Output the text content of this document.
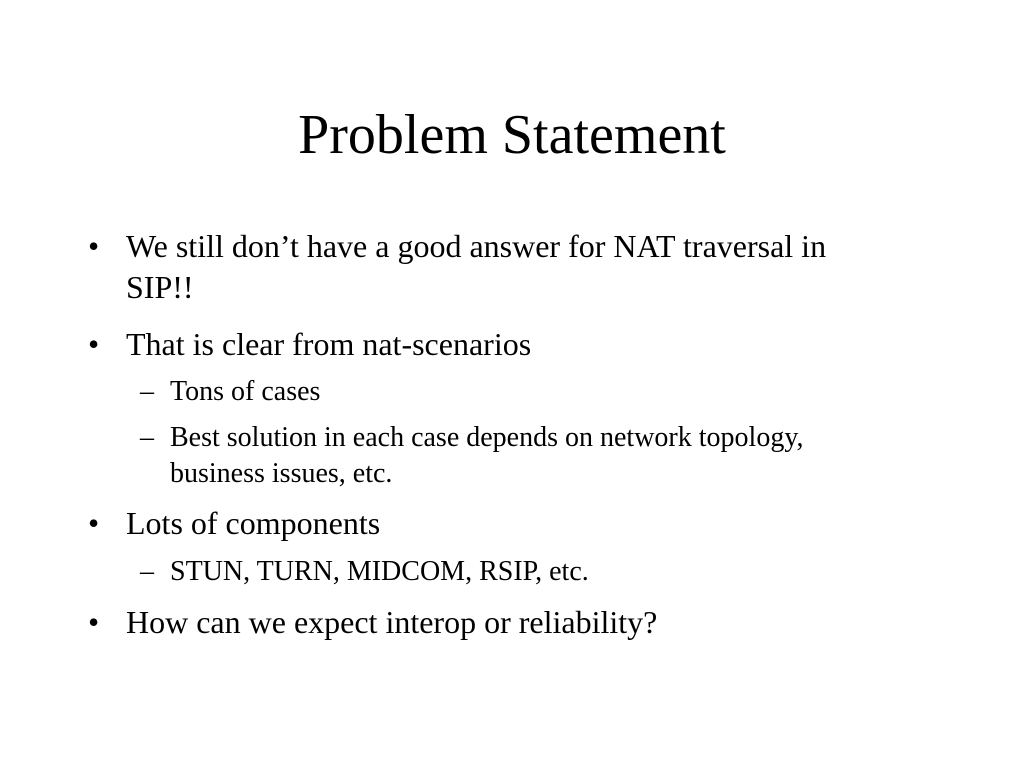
Problem Statement
• We still don’t have a good answer for NAT traversal in SIP!!
• That is clear from nat-scenarios
– Tons of cases
– Best solution in each case depends on network topology, business issues, etc.
• Lots of components
– STUN, TURN, MIDCOM, RSIP, etc.
• How can we expect interop or reliability?
